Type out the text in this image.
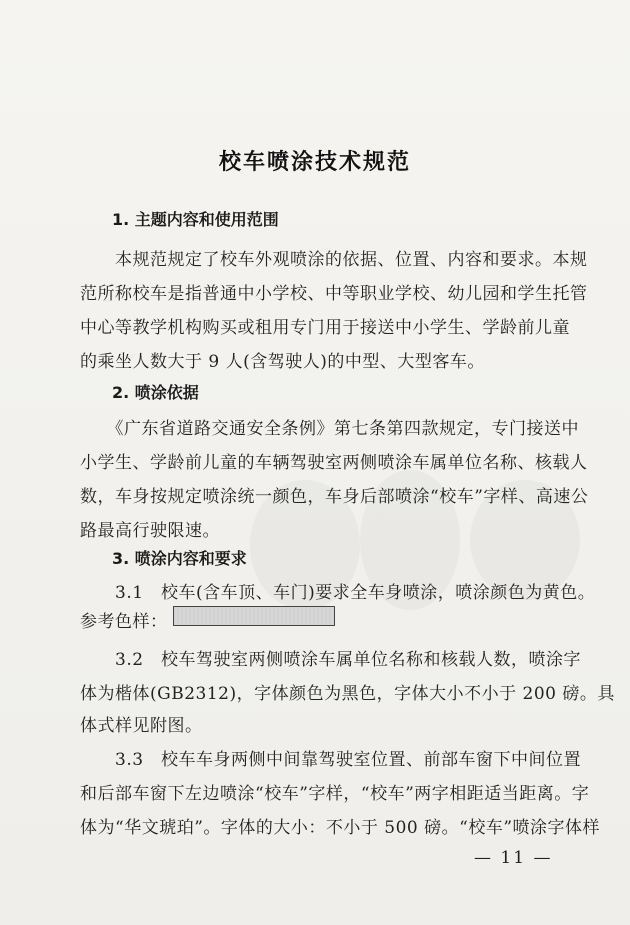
校车喷涂技术规范
1. 主题内容和使用范围
　　本规范规定了校车外观喷涂的依据、位置、内容和要求。本规
范所称校车是指普通中小学校、中等职业学校、幼儿园和学生托管
中心等教学机构购买或租用专门用于接送中小学生、学龄前儿童
的乘坐人数大于 9 人(含驾驶人)的中型、大型客车。
2. 喷涂依据
　　《广东省道路交通安全条例》第七条第四款规定，专门接送中
小学生、学龄前儿童的车辆驾驶室两侧喷涂车属单位名称、核载人
数，车身按规定喷涂统一颜色，车身后部喷涂“校车”字样、高速公
路最高行驶限速。
3. 喷涂内容和要求
　　3.1　校车(含车顶、车门)要求全车身喷涂，喷涂颜色为黄色。
参考色样：
　　3.2　校车驾驶室两侧喷涂车属单位名称和核载人数，喷涂字
体为楷体(GB2312)，字体颜色为黑色，字体大小不小于 200 磅。具
体式样见附图。
　　3.3　校车车身两侧中间靠驾驶室位置、前部车窗下中间位置
和后部车窗下左边喷涂“校车”字样，“校车”两字相距适当距离。字
体为“华文琥珀”。字体的大小：不小于 500 磅。“校车”喷涂字体样
— 11 —
